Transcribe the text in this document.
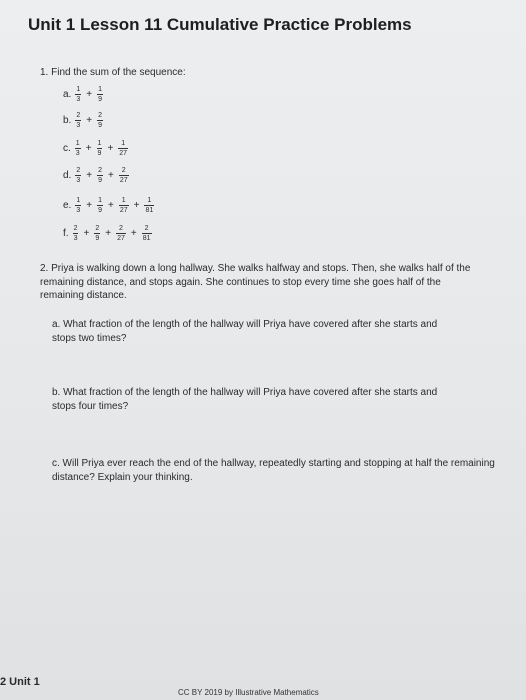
Unit 1 Lesson 11 Cumulative Practice Problems
1. Find the sum of the sequence:
a. $\frac{1}{3} + \frac{1}{9}$
b. $\frac{2}{3} + \frac{2}{9}$
c. $\frac{1}{3} + \frac{1}{9} + \frac{1}{27}$
d. $\frac{2}{3} + \frac{2}{9} + \frac{2}{27}$
e. $\frac{1}{3} + \frac{1}{9} + \frac{1}{27} + \frac{1}{81}$
f. $\frac{2}{3} + \frac{2}{9} + \frac{2}{27} + \frac{2}{81}$
2. Priya is walking down a long hallway. She walks halfway and stops. Then, she walks half of the remaining distance, and stops again. She continues to stop every time she goes half of the remaining distance.
a. What fraction of the length of the hallway will Priya have covered after she starts and stops two times?
b. What fraction of the length of the hallway will Priya have covered after she starts and stops four times?
c. Will Priya ever reach the end of the hallway, repeatedly starting and stopping at half the remaining distance? Explain your thinking.
2 Unit 1
CC BY 2019 by Illustrative Mathematics
